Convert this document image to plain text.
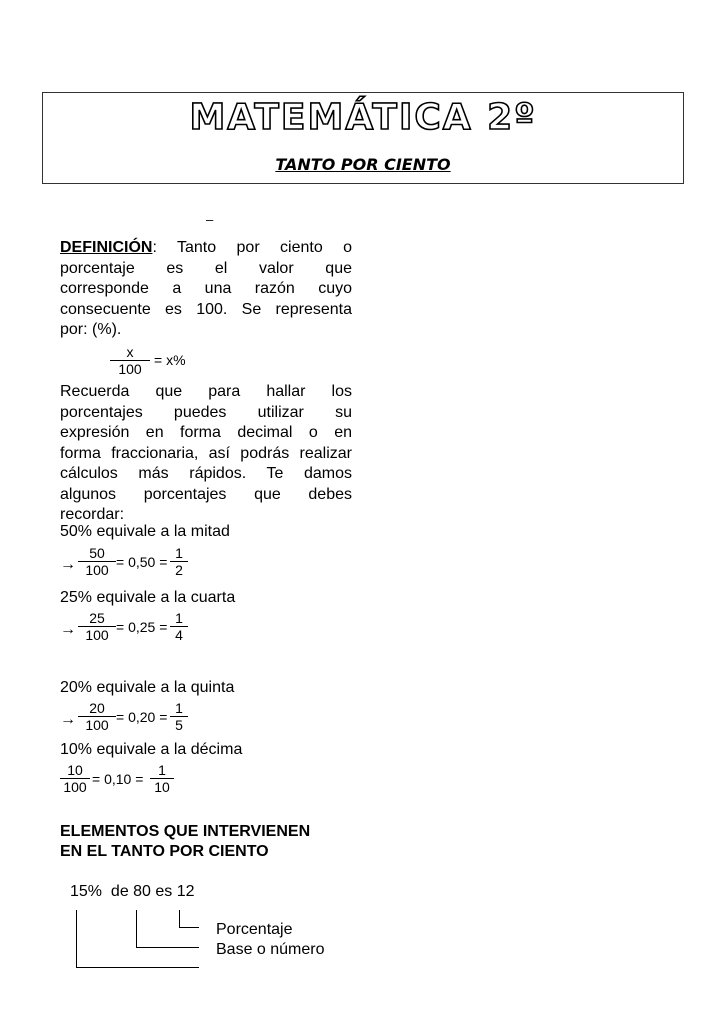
MATEMÁTICA 2º
TANTO POR CIENTO
–
DEFINICIÓN: Tanto por ciento o
porcentaje es el valor que
corresponde a una razón cuyo
consecuente es 100. Se representa
por: (%).
$\frac{x}{100} = x\%$
Recuerda que para hallar los
porcentajes puedes utilizar su
expresión en forma decimal o en
forma fraccionaria, así podrás realizar
cálculos más rápidos. Te damos
algunos porcentajes que debes
recordar:
50% equivale a la mitad
→ $\frac{50}{100} = 0,50 = \frac{1}{2}$
25% equivale a la cuarta
→ $\frac{25}{100} = 0,25 = \frac{1}{4}$
20% equivale a la quinta
→ $\frac{20}{100} = 0,20 = \frac{1}{5}$
10% equivale a la décima
$\frac{10}{100} = 0,10 = \frac{1}{10}$
ELEMENTOS QUE INTERVIENEN
EN EL TANTO POR CIENTO
15%  de 80 es 12
Porcentaje
Base o número
